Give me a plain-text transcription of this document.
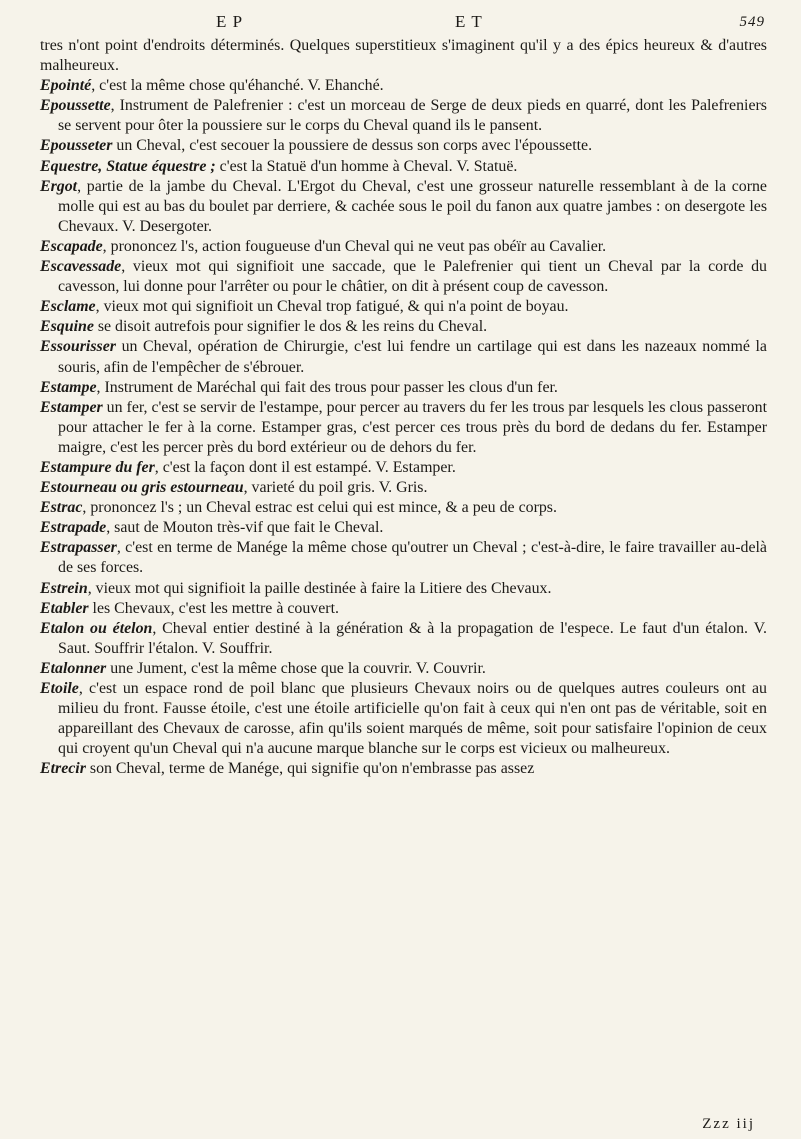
E P	E T	549

tres n'ont point d'endroits déterminés. Quelques superstitieux s'imaginent qu'il y a des épics heureux & d'autres malheureux.

Epointé, c'est la même chose qu'éhanché. V. Ehanché.

Epoussette, Instrument de Palefrenier : c'est un morceau de Serge de deux pieds en quarré, dont les Palefreniers se servent pour ôter la poussiere sur le corps du Cheval quand ils le pansent.

Epousseter un Cheval, c'est secouer la poussiere de dessus son corps avec l'époussette.

Equestre, Statue équestre ; c'est la Statuë d'un homme à Cheval. V. Statuë.

Ergot, partie de la jambe du Cheval. L'Ergot du Cheval, c'est une grosseur naturelle ressemblant à de la corne molle qui est au bas du boulet par derriere, & cachée sous le poil du fanon aux quatre jambes : on desergote les Chevaux. V. Desergoter.

Escapade, prononcez l's, action fougueuse d'un Cheval qui ne veut pas obéïr au Cavalier.

Escavessade, vieux mot qui signifioit une saccade, que le Palefrenier qui tient un Cheval par la corde du cavesson, lui donne pour l'arrêter ou pour le châtier, on dit à présent coup de cavesson.

Esclame, vieux mot qui signifioit un Cheval trop fatigué, & qui n'a point de boyau.

Esquine se disoit autrefois pour signifier le dos & les reins du Cheval.

Essourisser un Cheval, opération de Chirurgie, c'est lui fendre un cartilage qui est dans les nazeaux nommé la souris, afin de l'empêcher de s'ébrouer.

Estampe, Instrument de Maréchal qui fait des trous pour passer les clous d'un fer.

Estamper un fer, c'est se servir de l'estampe, pour percer au travers du fer les trous par lesquels les clous passeront pour attacher le fer à la corne. Estamper gras, c'est percer ces trous près du bord de dedans du fer. Estamper maigre, c'est les percer près du bord extérieur ou de dehors du fer.

Estampure du fer, c'est la façon dont il est estampé. V. Estamper.

Estourneau ou gris estourneau, varieté du poil gris. V. Gris.

Estrac, prononcez l's ; un Cheval estrac est celui qui est mince, & a peu de corps.

Estrapade, saut de Mouton très-vif que fait le Cheval.

Estrapasser, c'est en terme de Manége la même chose qu'outrer un Cheval ; c'est-à-dire, le faire travailler au-delà de ses forces.

Estrein, vieux mot qui signifioit la paille destinée à faire la Litiere des Chevaux.

Etabler les Chevaux, c'est les mettre à couvert.

Etalon ou ételon, Cheval entier destiné à la génération & à la propagation de l'espece. Le faut d'un étalon. V. Saut. Souffrir l'étalon. V. Souffrir.

Etalonner une Jument, c'est la même chose que la couvrir. V. Couvrir.

Etoile, c'est un espace rond de poil blanc que plusieurs Chevaux noirs ou de quelques autres couleurs ont au milieu du front. Fausse étoile, c'est une étoile artificielle qu'on fait à ceux qui n'en ont pas de véritable, soit en appareillant des Chevaux de carosse, afin qu'ils soient marqués de même, soit pour satisfaire l'opinion de ceux qui croyent qu'un Cheval qui n'a aucune marque blanche sur le corps est vicieux ou malheureux.

Etrecir son Cheval, terme de Manége, qui signifie qu'on n'embrasse pas assez

Zzz iij
